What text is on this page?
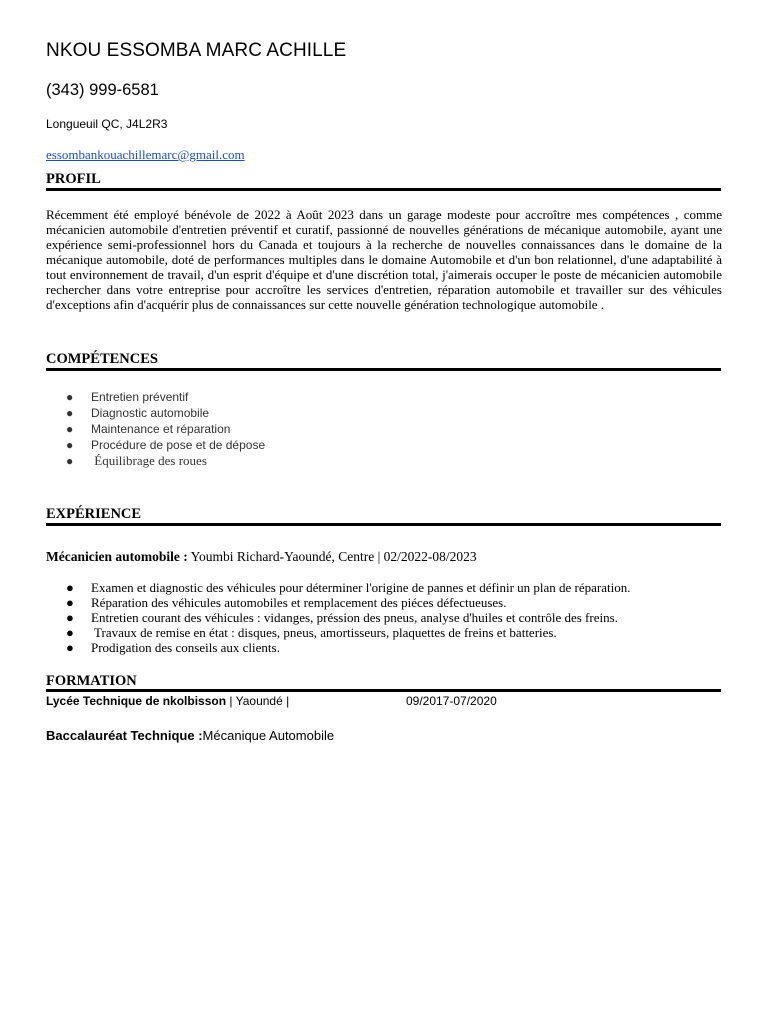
NKOU ESSOMBA MARC ACHILLE
(343) 999-6581
Longueuil QC, J4L2R3
essombankouachillemarc@gmail.com
PROFIL
Récemment été employé bénévole de 2022 à Août 2023 dans un garage modeste pour accroître mes compétences , comme mécanicien automobile d'entretien préventif et curatif, passionné de nouvelles générations de mécanique automobile, ayant une expérience semi-professionnel hors du Canada et toujours à la recherche de nouvelles connaissances dans le domaine de la mécanique automobile, doté de performances multiples dans le domaine Automobile et d'un bon relationnel, d'une adaptabilité à tout environnement de travail, d'un esprit d'équipe et d'une discrétion total, j'aimerais occuper le poste de mécanicien automobile rechercher dans votre entreprise pour accroître les services d'entretien, réparation automobile et travailler sur des véhicules d'exceptions afin d'acquérir plus de connaissances sur cette nouvelle génération technologique automobile .
COMPÉTENCES
● Entretien préventif
● Diagnostic automobile
● Maintenance et réparation
● Procédure de pose et de dépose
● Équilibrage des roues
EXPÉRIENCE
Mécanicien automobile : Youmbi Richard-Yaoundé, Centre | 02/2022-08/2023
● Examen et diagnostic des véhicules pour déterminer l'origine de pannes et définir un plan de réparation.
● Réparation des véhicules automobiles et remplacement des piéces défectueuses.
● Entretien courant des véhicules : vidanges, préssion des pneus, analyse d'huiles et contrôle des freins.
● Travaux de remise en état : disques, pneus, amortisseurs, plaquettes de freins et batteries.
● Prodigation des conseils aux clients.
FORMATION
Lycée Technique de nkolbisson | Yaoundé |	09/2017-07/2020
Baccalauréat Technique :Mécanique Automobile
